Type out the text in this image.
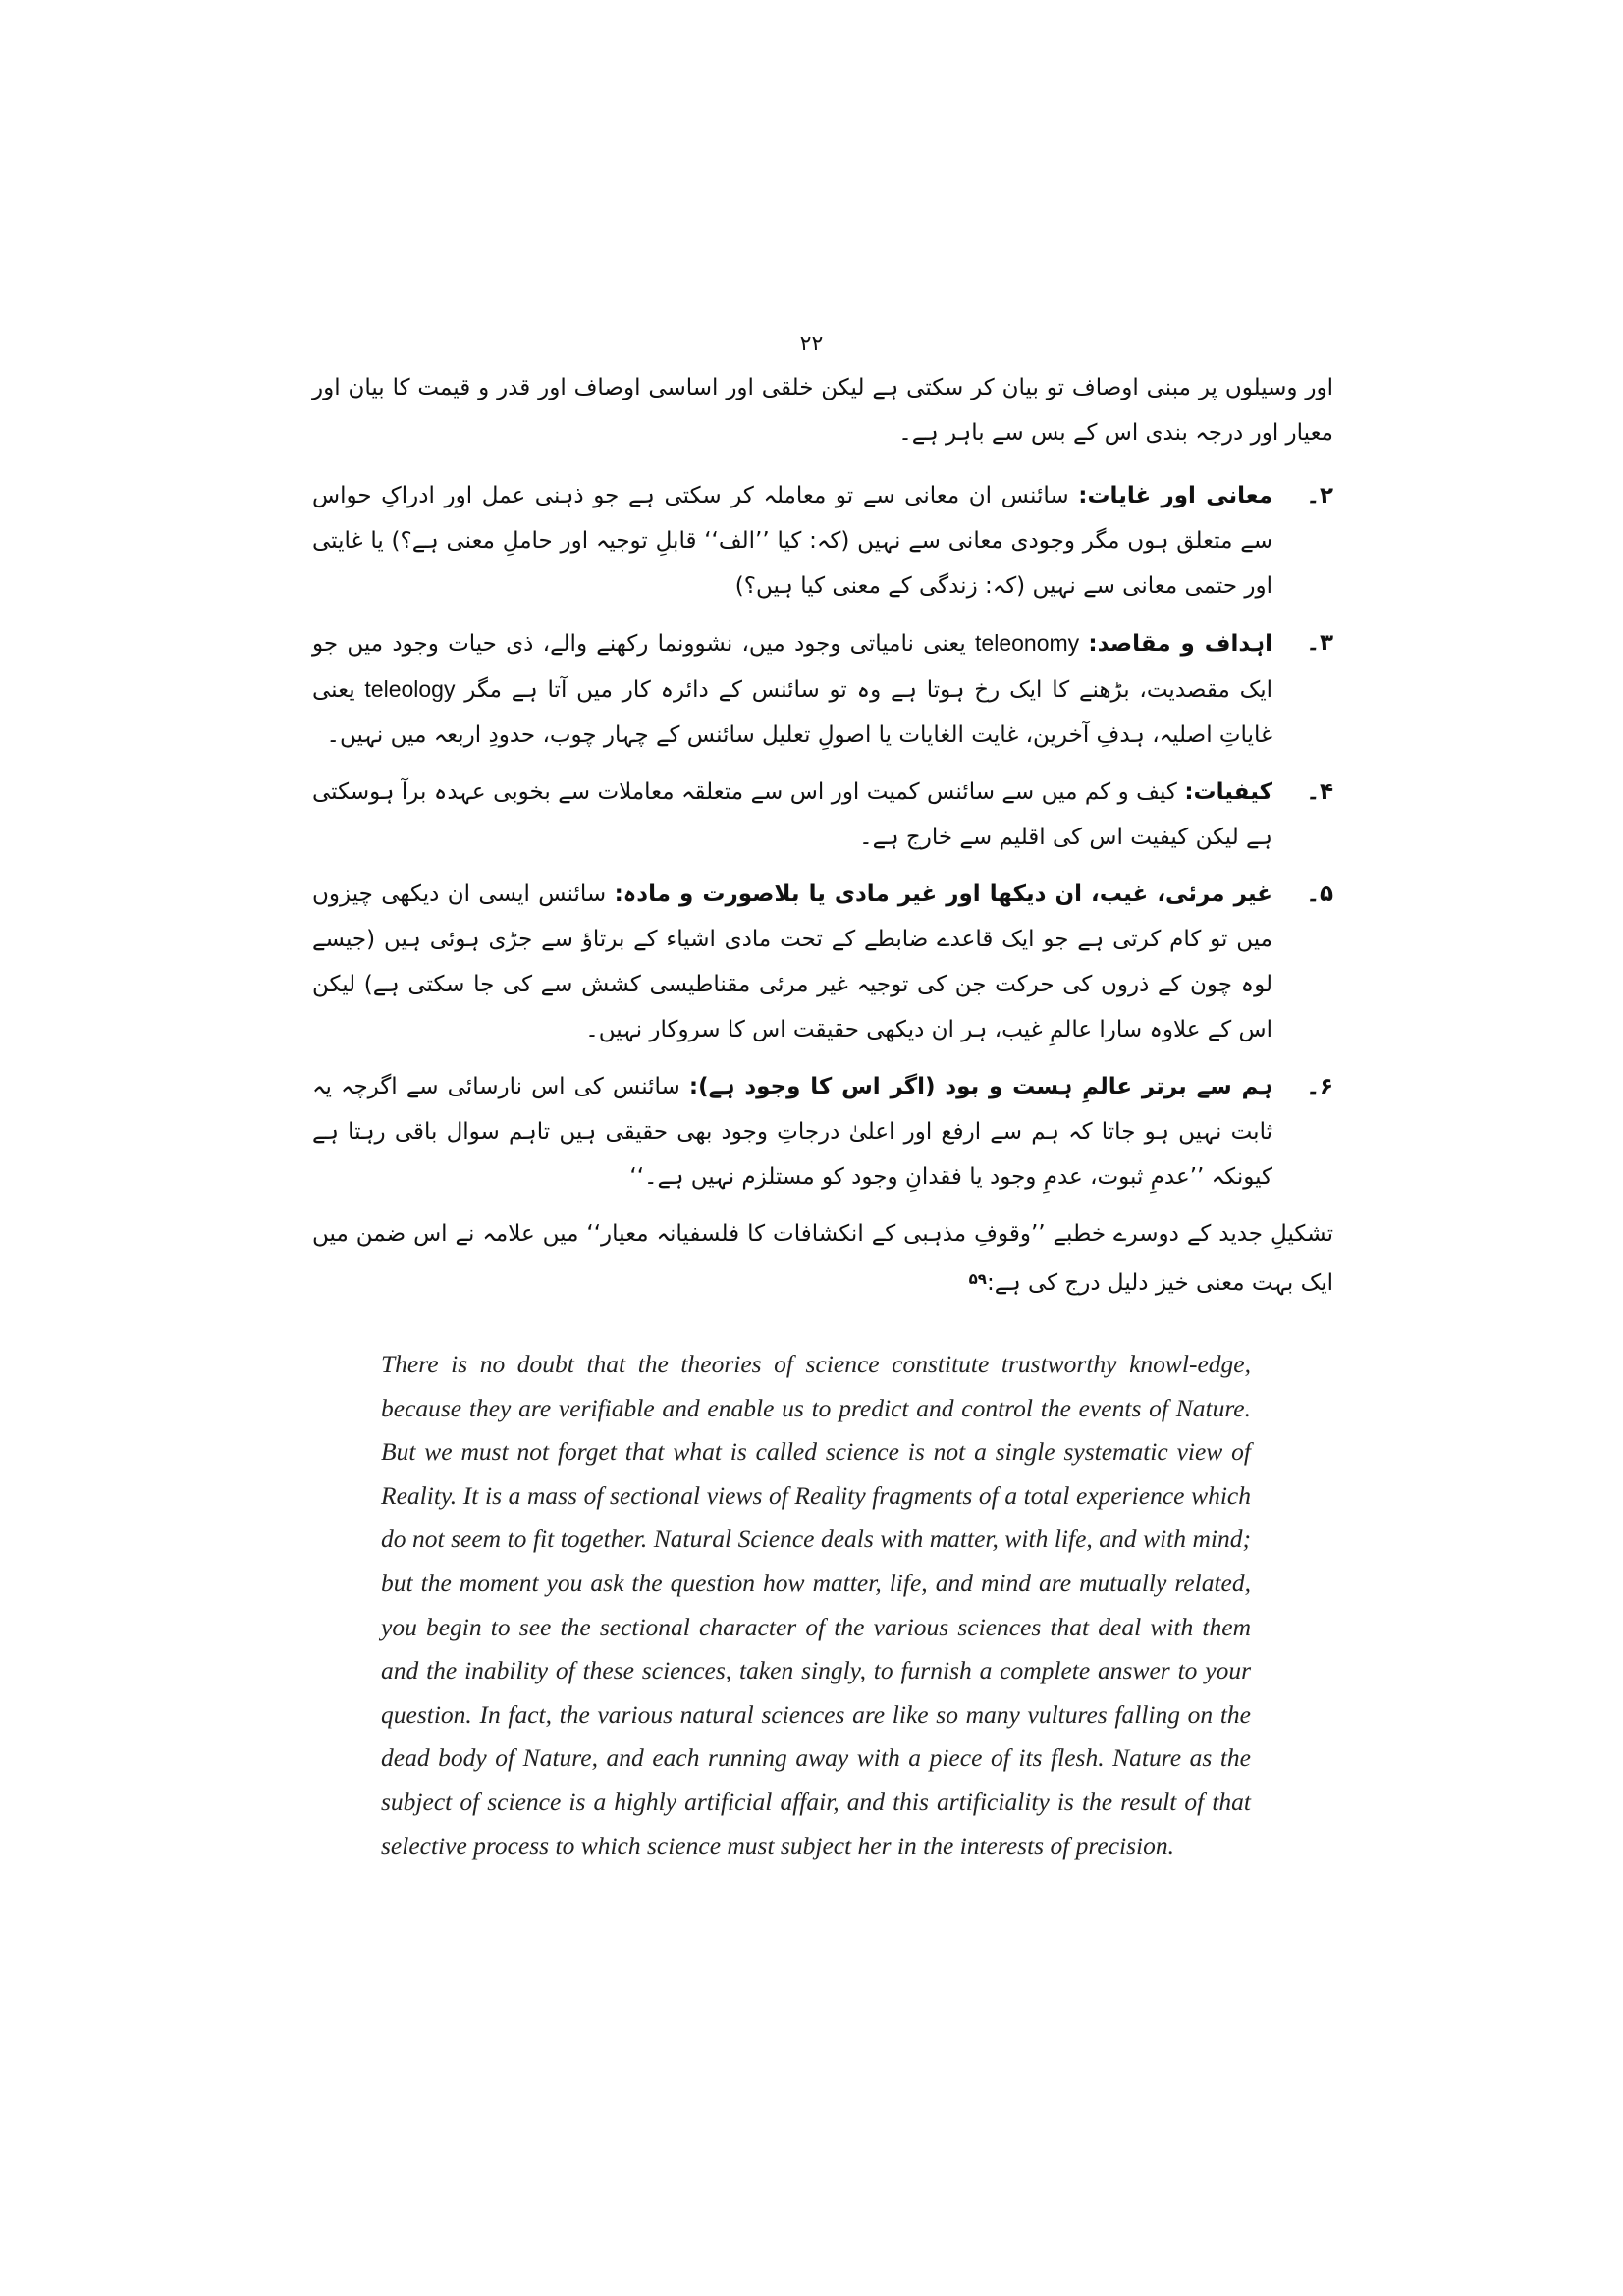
۲۲

اور وسیلوں پر مبنی اوصاف تو بیان کر سکتی ہے لیکن خلقی اور اساسی اوصاف اور قدر و قیمت کا بیان اور معیار اور درجہ بندی اس کے بس سے باہر ہے۔

۲۔

معانی اور غایات: سائنس ان معانی سے تو معاملہ کر سکتی ہے جو ذہنی عمل اور ادراکِ حواس سے متعلق ہوں مگر وجودی معانی سے نہیں (کہ: کیا ’’الف‘‘ قابلِ توجیہ اور حاملِ معنی ہے؟) یا غایتی اور حتمی معانی سے نہیں (کہ: زندگی کے معنی کیا ہیں؟)

۳۔

اہداف و مقاصد: teleonomy یعنی نامیاتی وجود میں، نشوونما رکھنے والے، ذی حیات وجود میں جو ایک مقصدیت، بڑھنے کا ایک رخ ہوتا ہے وہ تو سائنس کے دائرہ کار میں آتا ہے مگر teleology یعنی غایاتِ اصلیہ، ہدفِ آخرین، غایت الغایات یا اصولِ تعلیل سائنس کے چہار چوب، حدودِ اربعہ میں نہیں۔

۴۔

کیفیات: کیف و کم میں سے سائنس کمیت اور اس سے متعلقہ معاملات سے بخوبی عہدہ برآ ہوسکتی ہے لیکن کیفیت اس کی اقلیم سے خارج ہے۔

۵۔

غیر مرئی، غیب، ان دیکھا اور غیر مادی یا بلاصورت و مادہ: سائنس ایسی ان دیکھی چیزوں میں تو کام کرتی ہے جو ایک قاعدے ضابطے کے تحت مادی اشیاء کے برتاؤ سے جڑی ہوئی ہیں (جیسے لوہ چون کے ذروں کی حرکت جن کی توجیہ غیر مرئی مقناطیسی کشش سے کی جا سکتی ہے) لیکن اس کے علاوہ سارا عالمِ غیب، ہر ان دیکھی حقیقت اس کا سروکار نہیں۔

۶۔

ہم سے برتر عالمِ ہست و بود (اگر اس کا وجود ہے): سائنس کی اس نارسائی سے اگرچہ یہ ثابت نہیں ہو جاتا کہ ہم سے ارفع اور اعلیٰ درجاتِ وجود بھی حقیقی ہیں تاہم سوال باقی رہتا ہے کیونکہ ’’عدمِ ثبوت، عدمِ وجود یا فقدانِ وجود کو مستلزم نہیں ہے۔‘‘

تشکیلِ جدید کے دوسرے خطبے ’’وقوفِ مذہبی کے انکشافات کا فلسفیانہ معیار‘‘ میں علامہ نے اس ضمن میں ایک بہت معنی خیز دلیل درج کی ہے:$^{۵۹}$

There is no doubt that the theories of science constitute trustworthy knowl-edge, because they are verifiable and enable us to predict and control the events of Nature. But we must not forget that what is called science is not a single systematic view of Reality. It is a mass of sectional views of Reality fragments of a total experience which do not seem to fit together. Natural Science deals with matter, with life, and with mind; but the moment you ask the question how matter, life, and mind are mutually related, you begin to see the sectional character of the various sciences that deal with them and the inability of these sciences, taken singly, to furnish a complete answer to your question. In fact, the various natural sciences are like so many vultures falling on the dead body of Nature, and each running away with a piece of its flesh. Nature as the subject of science is a highly artificial affair, and this artificiality is the result of that selective process to which science must subject her in the interests of precision.
